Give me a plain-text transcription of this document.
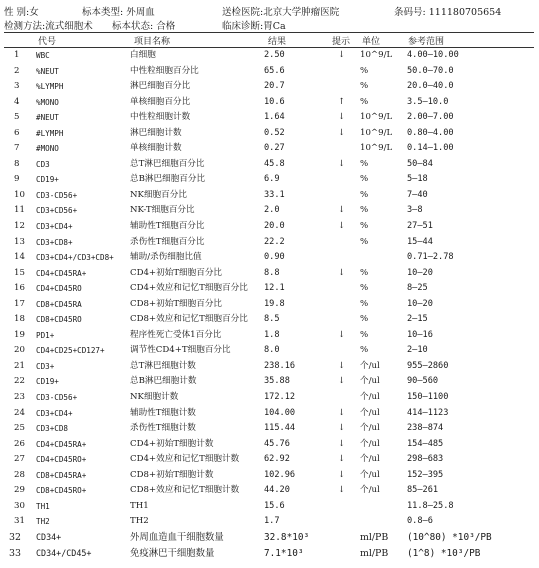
性 别:女	标本类型: 外周血	送检医院:北京大学肿瘤医院	条码号: 111180705654
检测方法:流式细胞术 标本状态: 合格	临床诊断:胃Ca
代号	项目名称	结果	提示 单位	参考范围
1	WBC	白细胞	2.50	↓ 10^9/L 4.00—10.00
2	%NEUT	中性粒细胞百分比	65.6	%	50.0—70.0
3	%LYMPH	淋巴细胞百分比	20.7	%	20.0—40.0
4	%MONO	单核细胞百分比	10.6	↑ %	3.5—10.0
5	#NEUT	中性粒细胞计数	1.64	↓ 10^9/L 2.00—7.00
6	#LYMPH	淋巴细胞计数	0.52	↓ 10^9/L 0.80—4.00
7	#MONO	单核细胞计数	0.27	10^9/L 0.14—1.00
8	CD3	总T淋巴细胞百分比	45.8	↓ %	50—84
9	CD19+	总B淋巴细胞百分比	6.9	%	5—18
10	CD3-CD56+	NK细胞百分比	33.1	%	7—40
11	CD3+CD56+	NK-T细胞百分比	2.0	↓ %	3—8
12	CD3+CD4+	辅助性T细胞百分比	20.0	↓ %	27—51
13	CD3+CD8+	杀伤性T细胞百分比	22.2	%	15—44
14	CD3+CD4+/CD3+CD8+ 辅助/杀伤细胞比值	0.90	0.71—2.78
15	CD4+CD45RA+	CD4+初始T细胞百分比	8.8	↓ %	10—20
16	CD4+CD45RO	CD4+效应和记忆T细胞百分比 12.1	%	8—25
17	CD8+CD45RA	CD8+初始T细胞百分比	19.8	%	10—20
18	CD8+CD45RO	CD8+效应和记忆T细胞百分比 8.5	%	2—15
19	PD1+	程序性死亡受体1百分比	1.8	↓ %	10—16
20	CD4+CD25+CD127+	调节性CD4+T细胞百分比	8.0	%	2—10
21	CD3+	总T淋巴细胞计数	238.16	↓ 个/ul	955—2860
22	CD19+	总B淋巴细胞计数	35.88	↓ 个/ul	90—560
23	CD3-CD56+	NK细胞计数	172.12	个/ul	150—1100
24	CD3+CD4+	辅助性T细胞计数	104.00	↓ 个/ul	414—1123
25	CD3+CD8	杀伤性T细胞计数	115.44	↓ 个/ul	238—874
26	CD4+CD45RA+	CD4+初始T细胞计数	45.76	↓ 个/ul	154—485
27	CD4+CD45RO+	CD4+效应和记忆T细胞计数	62.92	↓ 个/ul	298—683
28	CD8+CD45RA+	CD8+初始T细胞计数	102.96	↓ 个/ul	152—395
29	CD8+CD45RO+	CD8+效应和记忆T细胞计数	44.20	↓ 个/ul	85—261
30	TH1	TH1	15.6	11.8—25.8
31	TH2	TH2	1.7	0.8—6
32	CD34+	外周血造血干细胞数量	32.8*10³	ml/PB (10^80) *10³/PB
33	CD34+/CD45+	免疫淋巴干细胞数量	7.1*10³	ml/PB (1^8) *10³/PB
